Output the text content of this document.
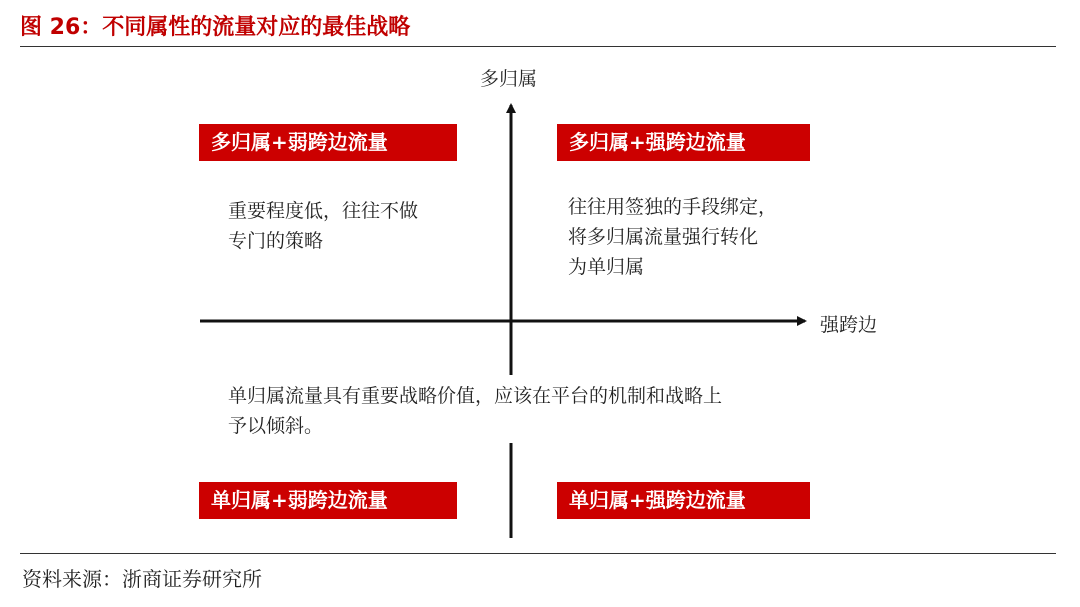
图 26：不同属性的流量对应的最佳战略
多归属
强跨边
多归属+弱跨边流量	多归属+强跨边流量
单归属+弱跨边流量	单归属+强跨边流量
重要程度低，往往不做
专门的策略
往往用签独的手段绑定，
将多归属流量强行转化
为单归属
单归属流量具有重要战略价值，应该在平台的机制和战略上
予以倾斜。
资料来源：浙商证券研究所
